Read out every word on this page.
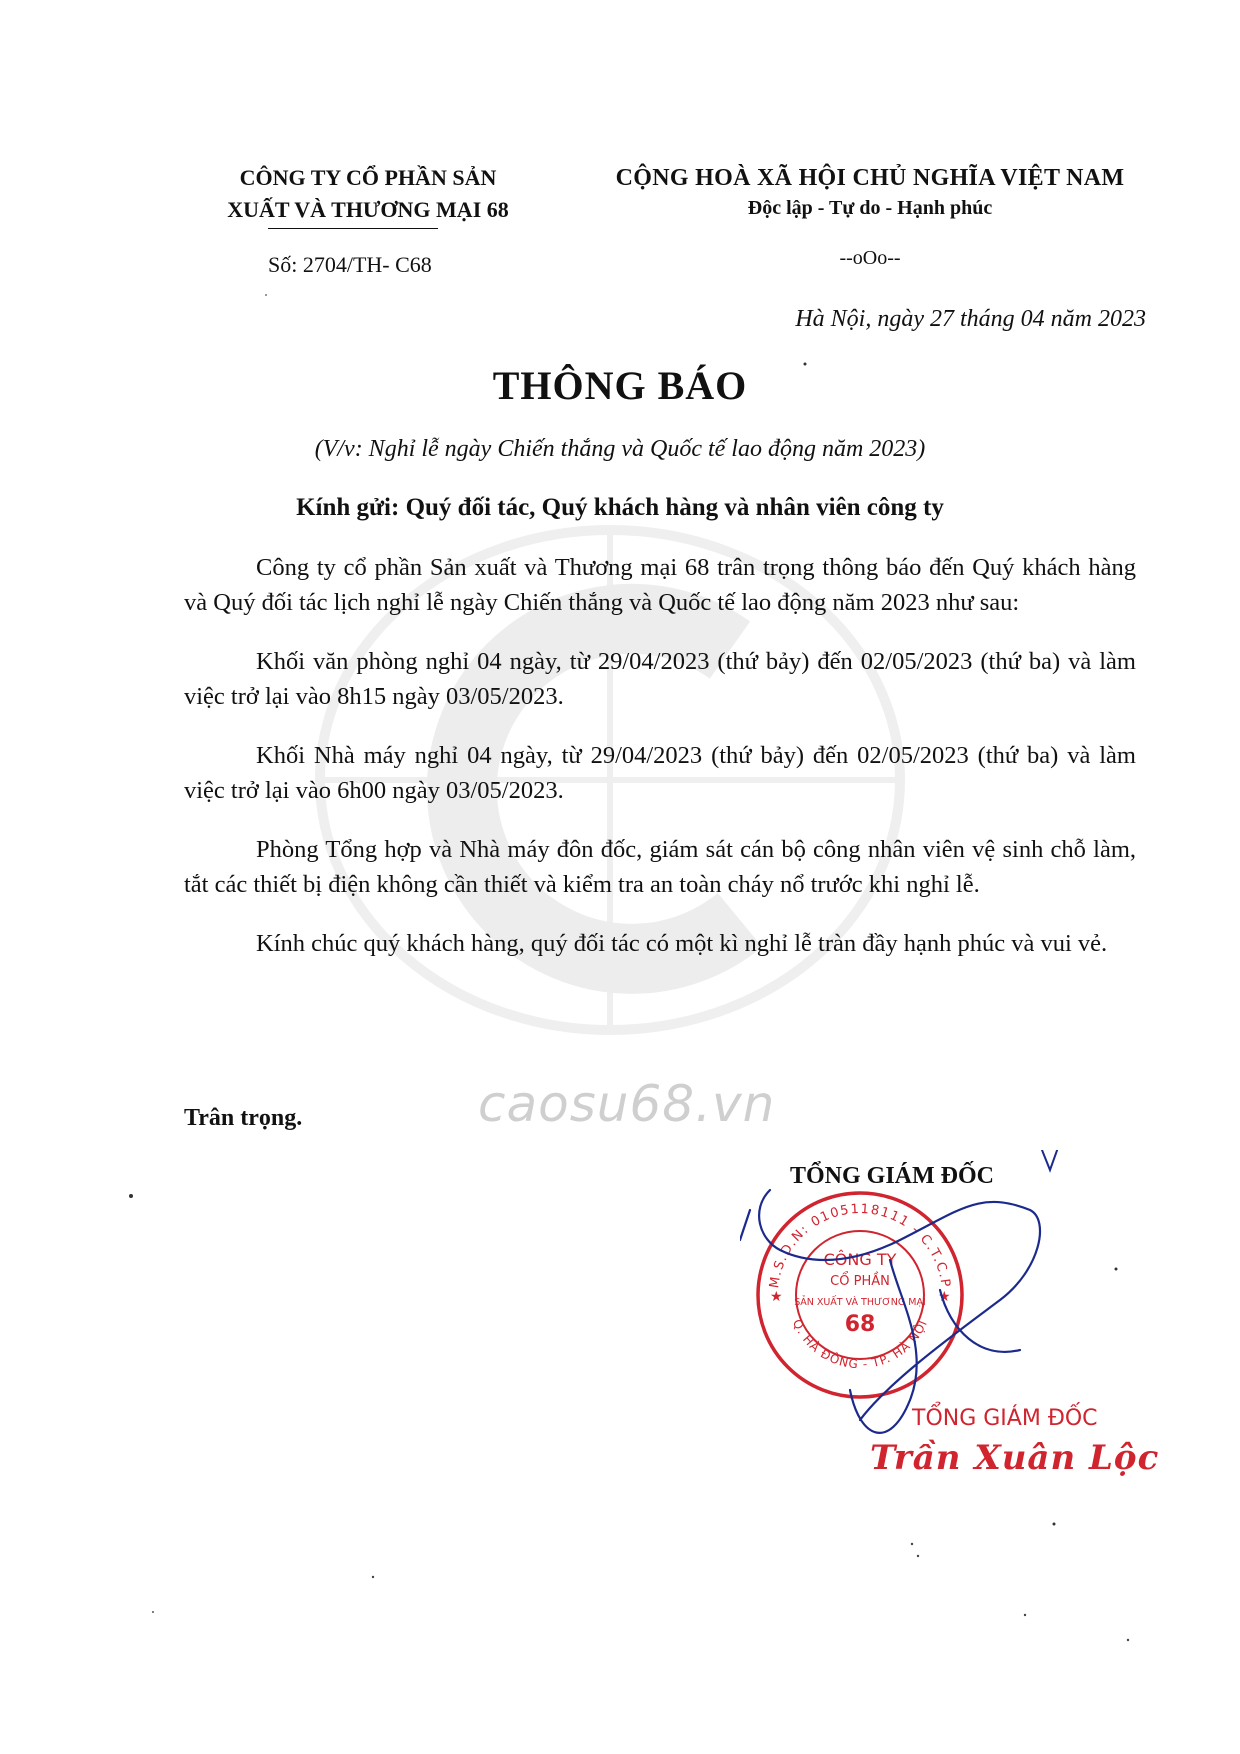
caosu68.vn
CÔNG TY CỔ PHẦN SẢN
XUẤT VÀ THƯƠNG MẠI 68
Số: 2704/TH- C68
CỘNG HOÀ XÃ HỘI CHỦ NGHĨA VIỆT NAM
Độc lập - Tự do - Hạnh phúc
--oOo--
Hà Nội, ngày 27 tháng 04 năm 2023
THÔNG BÁO
(V/v: Nghỉ lễ ngày Chiến thắng và Quốc tế lao động năm 2023)
Kính gửi: Quý đối tác, Quý khách hàng và nhân viên công ty

Công ty cổ phần Sản xuất và Thương mại 68 trân trọng thông báo đến Quý khách hàng và Quý đối tác lịch nghỉ lễ ngày Chiến thắng và Quốc tế lao động năm 2023 như sau:

Khối văn phòng nghỉ 04 ngày, từ 29/04/2023 (thứ bảy) đến 02/05/2023 (thứ ba) và làm việc trở lại vào 8h15 ngày 03/05/2023.

Khối Nhà máy nghỉ 04 ngày, từ 29/04/2023 (thứ bảy) đến 02/05/2023 (thứ ba) và làm việc trở lại vào 6h00 ngày 03/05/2023.

Phòng Tổng hợp và Nhà máy đôn đốc, giám sát cán bộ công nhân viên vệ sinh chỗ làm, tắt các thiết bị điện không cần thiết và kiểm tra an toàn cháy nổ trước khi nghỉ lễ.

Kính chúc quý khách hàng, quý đối tác có một kì nghỉ lễ tràn đầy hạnh phúc và vui vẻ.

Trân trọng.
TỔNG GIÁM ĐỐC
M.S.D.N: 0105118111 - C.T.C.P
Q. HÀ ĐÔNG - TP. HÀ NỘI
★	★
CÔNG TY
CỔ PHẦN
SẢN XUẤT VÀ THƯƠNG MẠI
68
TỔNG GIÁM ĐỐC
Trần Xuân Lộc
